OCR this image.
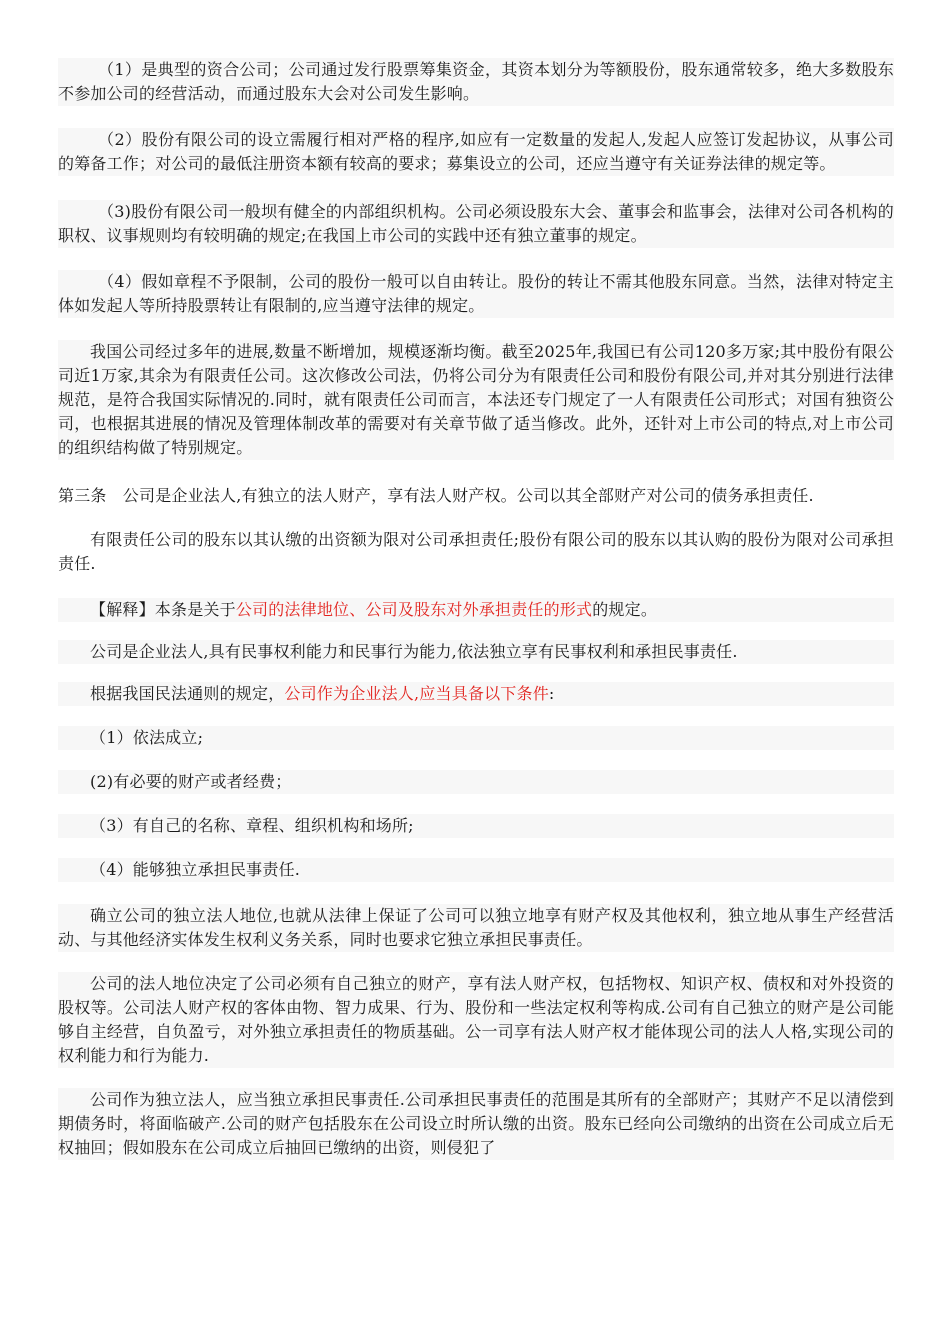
（1）是典型的资合公司；公司通过发行股票筹集资金，其资本划分为等额股份，股东通常较多，绝大多数股东不参加公司的经营活动，而通过股东大会对公司发生影响。

（2）股份有限公司的设立需履行相对严格的程序,如应有一定数量的发起人,发起人应签订发起协议，从事公司的筹备工作；对公司的最低注册资本额有较高的要求；募集设立的公司，还应当遵守有关证券法律的规定等。

（3)股份有限公司一般坝有健全的内部组织机构。公司必须设股东大会、董事会和监事会，法律对公司各机构的职权、议事规则均有较明确的规定;在我国上市公司的实践中还有独立董事的规定。

（4）假如章程不予限制，公司的股份一般可以自由转让。股份的转让不需其他股东同意。当然，法律对特定主体如发起人等所持股票转让有限制的,应当遵守法律的规定。

我国公司经过多年的进展,数量不断增加，规模逐渐均衡。截至2025年,我国已有公司120多万家;其中股份有限公司近1万家,其余为有限责任公司。这次修改公司法，仍将公司分为有限责任公司和股份有限公司,并对其分别进行法律规范，是符合我国实际情况的.同时，就有限责任公司而言，本法还专门规定了一人有限责任公司形式；对国有独资公司，也根据其进展的情况及管理体制改革的需要对有关章节做了适当修改。此外，还针对上市公司的特点,对上市公司的组织结构做了特别规定。

第三条　公司是企业法人,有独立的法人财产，享有法人财产权。公司以其全部财产对公司的债务承担责任.

有限责任公司的股东以其认缴的出资额为限对公司承担责任;股份有限公司的股东以其认购的股份为限对公司承担责任.

【解释】本条是关于公司的法律地位、公司及股东对外承担责任的形式的规定。

公司是企业法人,具有民事权利能力和民事行为能力,依法独立享有民事权利和承担民事责任.

根据我国民法通则的规定，公司作为企业法人,应当具备以下条件:

（1）依法成立;

(2)有必要的财产或者经费；

（3）有自己的名称、章程、组织机构和场所;

（4）能够独立承担民事责任.

确立公司的独立法人地位,也就从法律上保证了公司可以独立地享有财产权及其他权利，独立地从事生产经营活动、与其他经济实体发生权利义务关系，同时也要求它独立承担民事责任。

公司的法人地位决定了公司必须有自己独立的财产，享有法人财产权，包括物权、知识产权、债权和对外投资的股权等。公司法人财产权的客体由物、智力成果、行为、股份和一些法定权利等构成.公司有自己独立的财产是公司能够自主经营，自负盈亏，对外独立承担责任的物质基础。公一司享有法人财产权才能体现公司的法人人格,实现公司的权利能力和行为能力.

公司作为独立法人，应当独立承担民事责任.公司承担民事责任的范围是其所有的全部财产；其财产不足以清偿到期债务时，将面临破产.公司的财产包括股东在公司设立时所认缴的出资。股东已经向公司缴纳的出资在公司成立后无权抽回；假如股东在公司成立后抽回已缴纳的出资，则侵犯了
